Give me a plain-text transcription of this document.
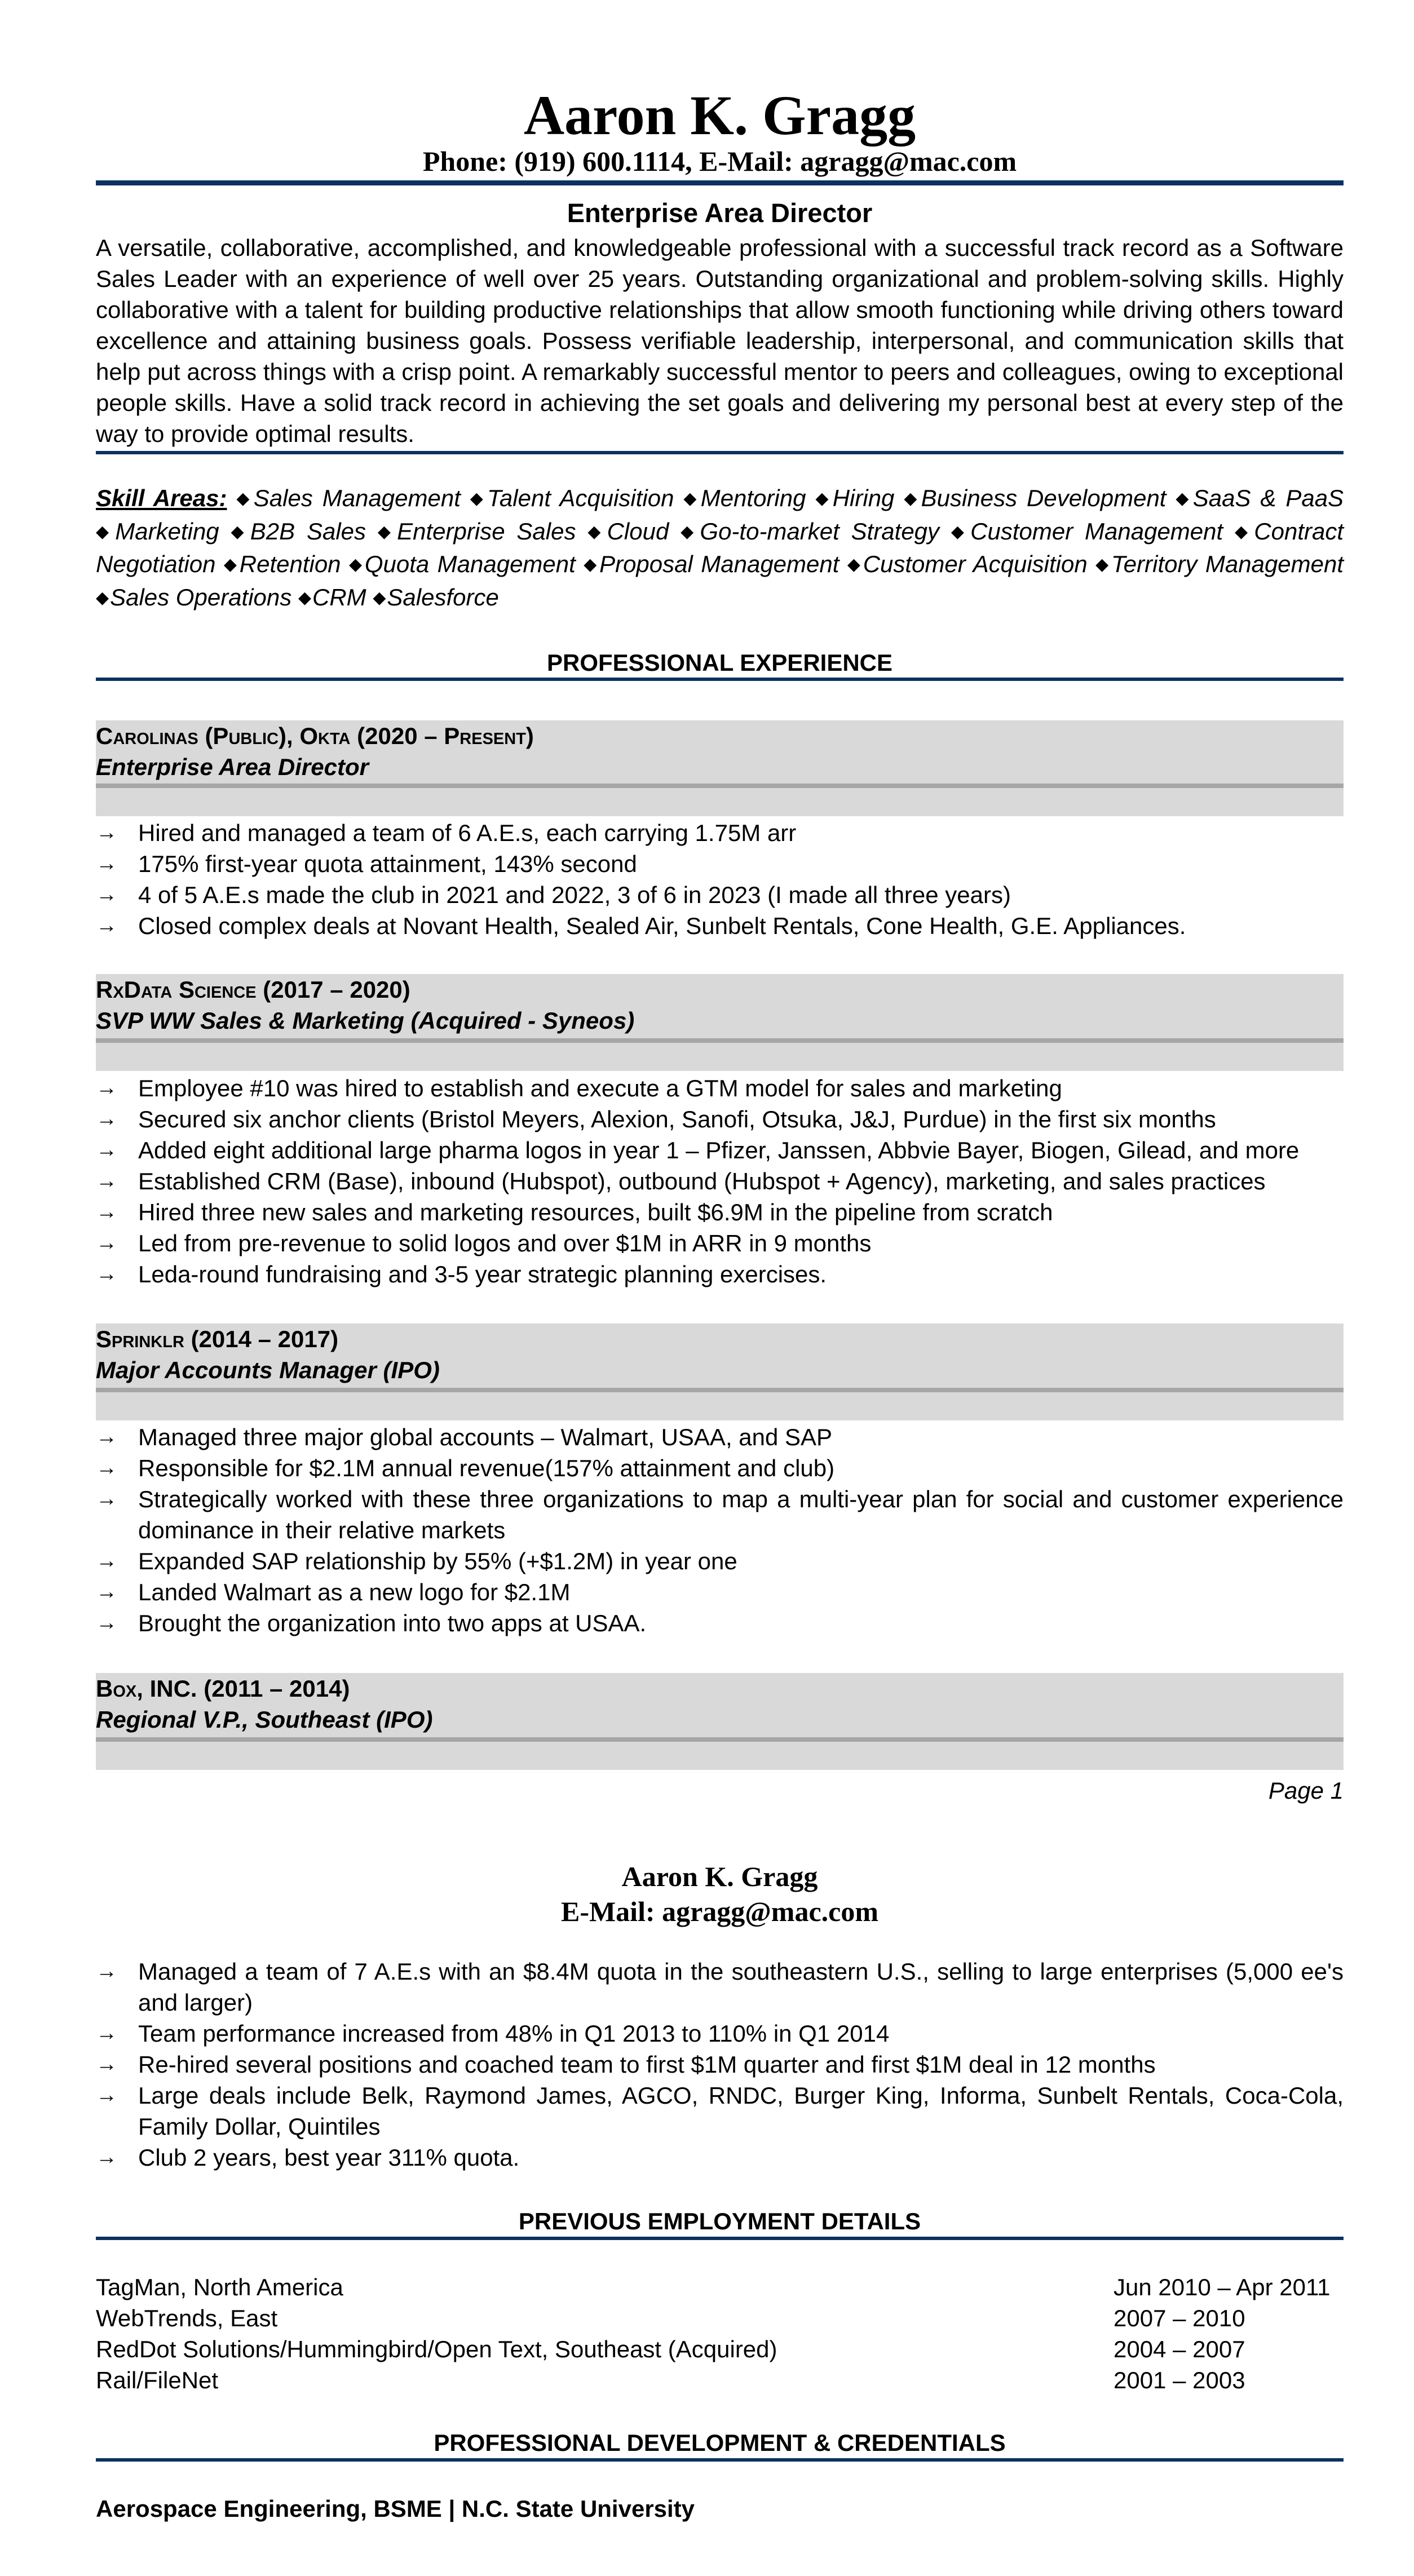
Aaron K. Gragg
Phone: (919) 600.1114, E-Mail: agragg@mac.com
Enterprise Area Director
A versatile, collaborative, accomplished, and knowledgeable professional with a successful track record as a Software Sales Leader with an experience of well over 25 years. Outstanding organizational and problem-solving skills. Highly collaborative with a talent for building productive relationships that allow smooth functioning while driving others toward excellence and attaining business goals. Possess verifiable leadership, interpersonal, and communication skills that help put across things with a crisp point. A remarkably successful mentor to peers and colleagues, owing to exceptional people skills. Have a solid track record in achieving the set goals and delivering my personal best at every step of the way to provide optimal results.
Skill Areas: ◆Sales Management ◆Talent Acquisition ◆Mentoring ◆Hiring ◆Business Development ◆SaaS & PaaS ◆Marketing ◆B2B Sales ◆Enterprise Sales ◆Cloud ◆Go-to-market Strategy ◆Customer Management ◆Contract Negotiation ◆Retention ◆Quota Management ◆Proposal Management ◆Customer Acquisition ◆Territory Management ◆Sales Operations ◆CRM ◆Salesforce
PROFESSIONAL EXPERIENCE
Carolinas (Public), Okta (2020 – Present)
Enterprise Area Director
→ Hired and managed a team of 6 A.E.s, each carrying 1.75M arr
→ 175% first-year quota attainment, 143% second
→ 4 of 5 A.E.s made the club in 2021 and 2022, 3 of 6 in 2023 (I made all three years)
→ Closed complex deals at Novant Health, Sealed Air, Sunbelt Rentals, Cone Health, G.E. Appliances.
RxData Science (2017 – 2020)
SVP WW Sales & Marketing (Acquired - Syneos)
→ Employee #10 was hired to establish and execute a GTM model for sales and marketing
→ Secured six anchor clients (Bristol Meyers, Alexion, Sanofi, Otsuka, J&J, Purdue) in the first six months
→ Added eight additional large pharma logos in year 1 – Pfizer, Janssen, Abbvie Bayer, Biogen, Gilead, and more
→ Established CRM (Base), inbound (Hubspot), outbound (Hubspot + Agency), marketing, and sales practices
→ Hired three new sales and marketing resources, built $6.9M in the pipeline from scratch
→ Led from pre-revenue to solid logos and over $1M in ARR in 9 months
→ Leda-round fundraising and 3-5 year strategic planning exercises.
Sprinklr (2014 – 2017)
Major Accounts Manager (IPO)
→ Managed three major global accounts – Walmart, USAA, and SAP
→ Responsible for $2.1M annual revenue(157% attainment and club)
→ Strategically worked with these three organizations to map a multi-year plan for social and customer experience dominance in their relative markets
→ Expanded SAP relationship by 55% (+$1.2M) in year one
→ Landed Walmart as a new logo for $2.1M
→ Brought the organization into two apps at USAA.
Box, INC. (2011 – 2014)
Regional V.P., Southeast (IPO)
Page 1
Aaron K. Gragg
E-Mail: agragg@mac.com
→ Managed a team of 7 A.E.s with an $8.4M quota in the southeastern U.S., selling to large enterprises (5,000 ee's and larger)
→ Team performance increased from 48% in Q1 2013 to 110% in Q1 2014
→ Re-hired several positions and coached team to first $1M quarter and first $1M deal in 12 months
→ Large deals include Belk, Raymond James, AGCO, RNDC, Burger King, Informa, Sunbelt Rentals, Coca-Cola, Family Dollar, Quintiles
→ Club 2 years, best year 311% quota.
PREVIOUS EMPLOYMENT DETAILS
TagMan, North America	Jun 2010 – Apr 2011
WebTrends, East	2007 – 2010
RedDot Solutions/Hummingbird/Open Text, Southeast (Acquired)	2004 – 2007
Rail/FileNet	2001 – 2003
PROFESSIONAL DEVELOPMENT & CREDENTIALS
Aerospace Engineering, BSME | N.C. State University
